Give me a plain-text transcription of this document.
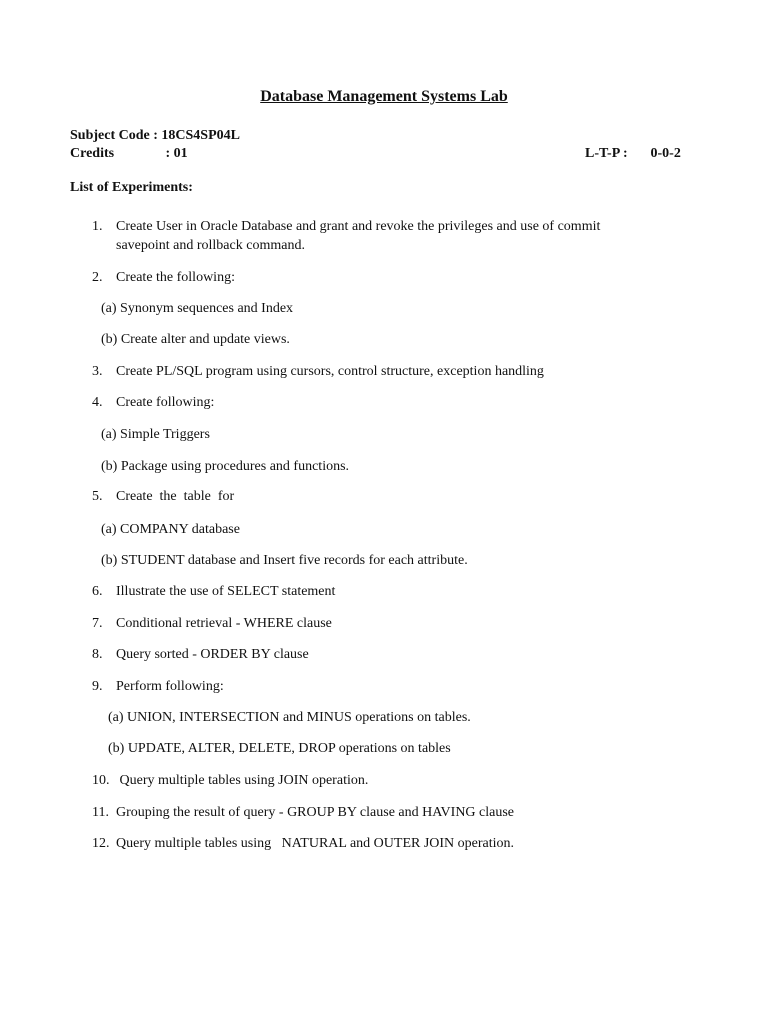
Database Management Systems Lab
Subject Code : 18CS4SP04L
Credits	: 01	L-T-P : 0-0-2
List of Experiments:
1. Create User in Oracle Database and grant and revoke the privileges and use of commit
savepoint and rollback command.
2. Create the following:
(a) Synonym sequences and Index
(b) Create alter and update views.
3. Create PL/SQL program using cursors, control structure, exception handling
4. Create following:
(a) Simple Triggers
(b) Package using procedures and functions.
5. Create  the  table  for
(a) COMPANY database
(b) STUDENT database and Insert five records for each attribute.
6. Illustrate the use of SELECT statement
7. Conditional retrieval - WHERE clause
8. Query sorted - ORDER BY clause
9. Perform following:
(a) UNION, INTERSECTION and MINUS operations on tables.
(b) UPDATE, ALTER, DELETE, DROP operations on tables
10. Query multiple tables using JOIN operation.
11. Grouping the result of query - GROUP BY clause and HAVING clause
12. Query multiple tables using   NATURAL and OUTER JOIN operation.
